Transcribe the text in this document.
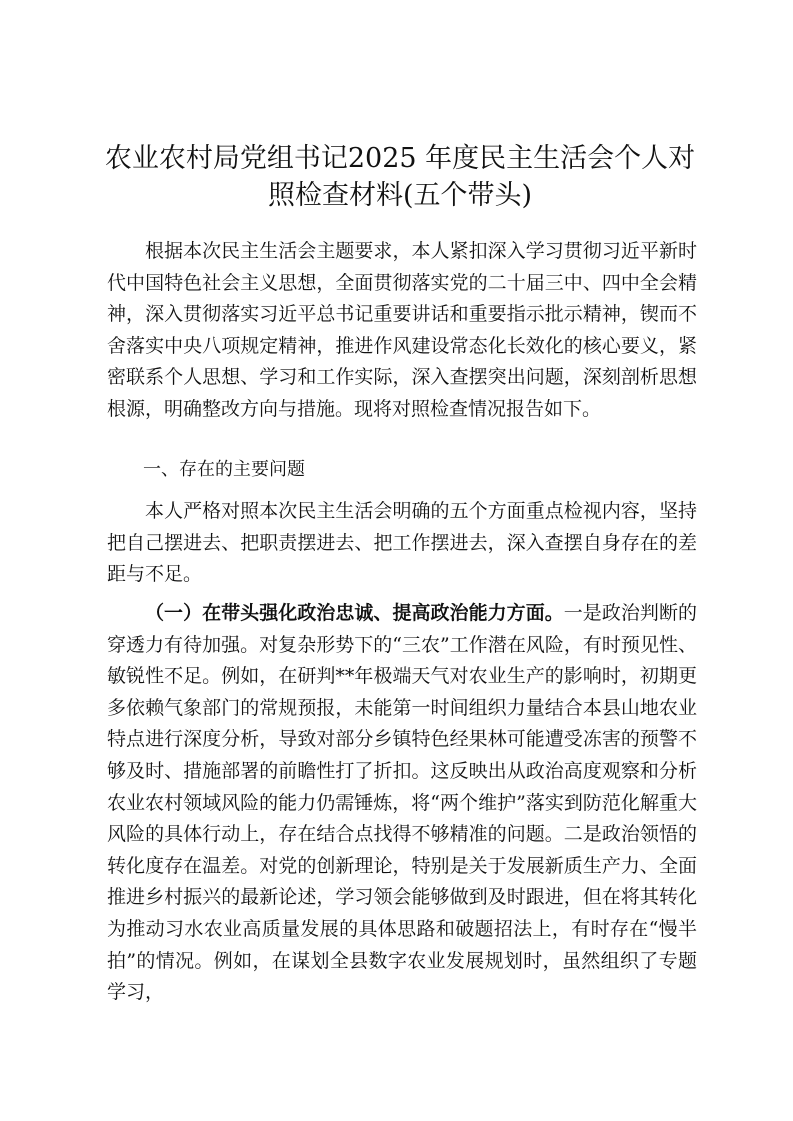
农业农村局党组书记2025 年度民主生活会个人对照检查材料(五个带头)

根据本次民主生活会主题要求，本人紧扣深入学习贯彻习近平新时代中国特色社会主义思想，全面贯彻落实党的二十届三中、四中全会精神，深入贯彻落实习近平总书记重要讲话和重要指示批示精神，锲而不舍落实中央八项规定精神，推进作风建设常态化长效化的核心要义，紧密联系个人思想、学习和工作实际，深入查摆突出问题，深刻剖析思想根源，明确整改方向与措施。现将对照检查情况报告如下。

一、存在的主要问题

本人严格对照本次民主生活会明确的五个方面重点检视内容，坚持把自己摆进去、把职责摆进去、把工作摆进去，深入查摆自身存在的差距与不足。

（一）在带头强化政治忠诚、提高政治能力方面。一是政治判断的穿透力有待加强。对复杂形势下的“三农”工作潜在风险，有时预见性、敏锐性不足。例如，在研判**年极端天气对农业生产的影响时，初期更多依赖气象部门的常规预报，未能第一时间组织力量结合本县山地农业特点进行深度分析，导致对部分乡镇特色经果林可能遭受冻害的预警不够及时、措施部署的前瞻性打了折扣。这反映出从政治高度观察和分析农业农村领域风险的能力仍需锤炼，将“两个维护”落实到防范化解重大风险的具体行动上，存在结合点找得不够精准的问题。二是政治领悟的转化度存在温差。对党的创新理论，特别是关于发展新质生产力、全面推进乡村振兴的最新论述，学习领会能够做到及时跟进，但在将其转化为推动习水农业高质量发展的具体思路和破题招法上，有时存在“慢半拍”的情况。例如，在谋划全县数字农业发展规划时，虽然组织了专题学习，
